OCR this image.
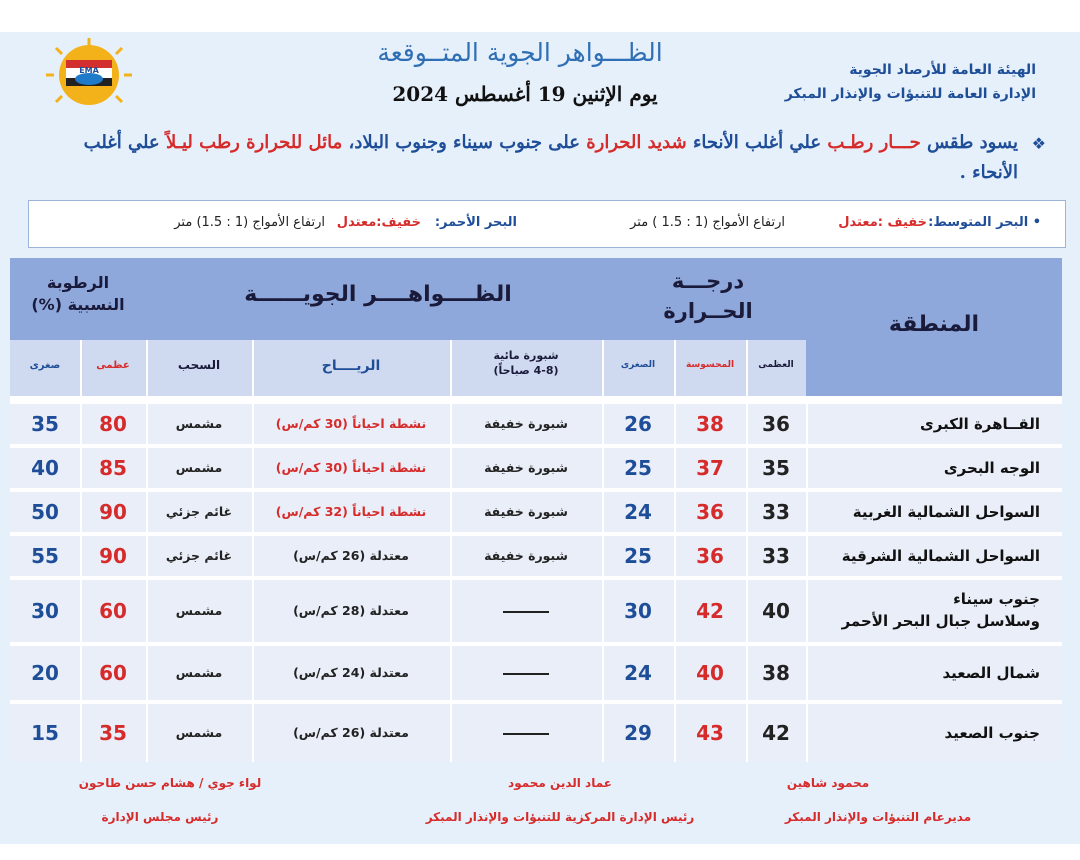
EMA
الظـــواهر الجوية المتــوقعة
يوم الإثنين 19 أغسطس 2024
الهيئة العامة للأرصاد الجوية
الإدارة العامة للتنبؤات والإنذار المبكر
❖
يسود طقس حـــار رطـب علي أغلب الأنحاء شديد الحرارة على جنوب سيناء وجنوب البلاد، مائل للحرارة رطب ليـلاً علي أغلب الأنحاء .
• البحر المتوسط:
خفيف :معتدل
ارتفاع الأمواج (1 : 1.5 ) متر
البحر الأحمر:
خفيف:معتدل
ارتفاع الأمواج (1 : 1.5) متر
المنطقة
درجـــة
الحــرارة
الظــــواهــــر الجويــــــة
الرطوبة
النسبية (%)
العظمى
المحسوسة
الصغرى
شبورة مائية
(4-8 صباحاً)
الريــــاح
السحب
عظمى
صغرى
القــاهرة الكبرى
36
38
26
شبورة خفيفة
نشطة احياناً (30 كم/س)
مشمس
80
35
الوجه البحرى
35
37
25
شبورة خفيفة
نشطة احياناً (30 كم/س)
مشمس
85
40
السواحل الشمالية الغربية
33
36
24
شبورة خفيفة
نشطة احياناً (32 كم/س)
غائم جزئي
90
50
السواحل الشمالية الشرقية
33
36
25
شبورة خفيفة
معتدلة (26 كم/س)
غائم جزئي
90
55
جنوب سيناء
وسلاسل جبال البحر الأحمر
40
42
30
معتدلة (28 كم/س)
مشمس
60
30
شمال الصعيد
38
40
24
معتدلة (24 كم/س)
مشمس
60
20
جنوب الصعيد
42
43
29
معتدلة (26 كم/س)
مشمس
35
15
محمود شاهين
مديرعام التنبؤات والإنذار المبكر
عماد الدين محمود
رئيس الإدارة المركزية للتنبؤات والإنذار المبكر
لواء جوي / هشام حسن طاحون
رئيس مجلس الإدارة
